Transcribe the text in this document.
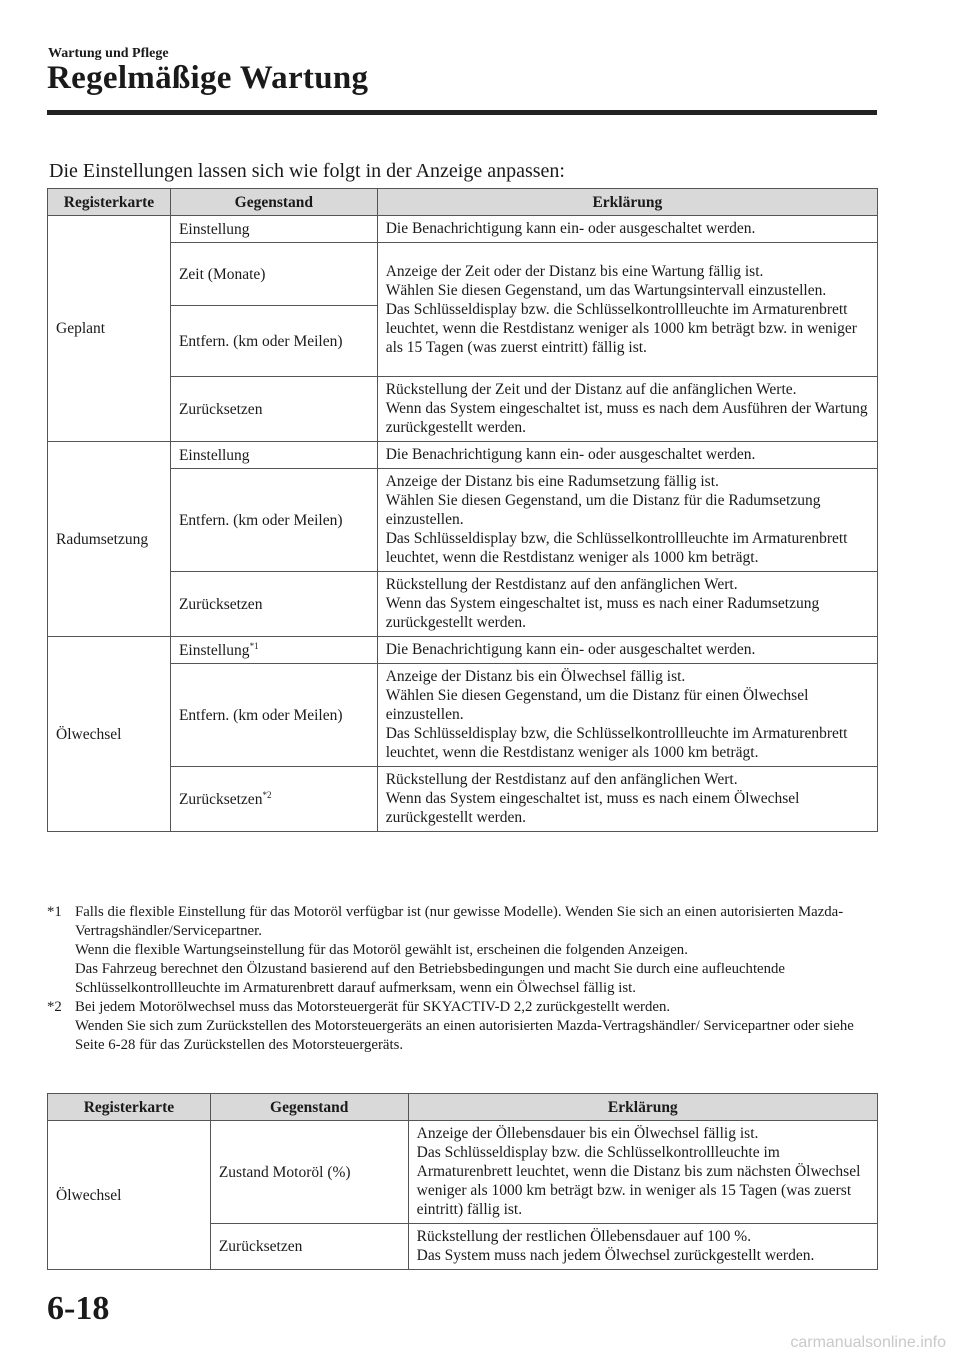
Wartung und Pflege
Regelmäßige Wartung
Die Einstellungen lassen sich wie folgt in der Anzeige anpassen:
Registerkarte	Gegenstand	Erklärung
Geplant	Einstellung	Die Benachrichtigung kann ein- oder ausgeschaltet werden.
	Zeit (Monate)	Anzeige der Zeit oder der Distanz bis eine Wartung fällig ist.
Wählen Sie diesen Gegenstand, um das Wartungsintervall einzustellen.
Das Schlüsseldisplay bzw. die Schlüsselkontrollleuchte im Armaturenbrett leuchtet, wenn die Restdistanz weniger als 1000 km beträgt bzw. in weniger als 15 Tagen (was zuerst eintritt) fällig ist.
	Entfern. (km oder Meilen)	
	Zurücksetzen	Rückstellung der Zeit und der Distanz auf die anfänglichen Werte.
Wenn das System eingeschaltet ist, muss es nach dem Ausführen der Wartung zurückgestellt werden.
Radumsetzung	Einstellung	Die Benachrichtigung kann ein- oder ausgeschaltet werden.
	Entfern. (km oder Meilen)	Anzeige der Distanz bis eine Radumsetzung fällig ist.
Wählen Sie diesen Gegenstand, um die Distanz für die Radumsetzung einzustellen.
Das Schlüsseldisplay bzw, die Schlüsselkontrollleuchte im Armaturenbrett leuchtet, wenn die Restdistanz weniger als 1000 km beträgt.
	Zurücksetzen	Rückstellung der Restdistanz auf den anfänglichen Wert.
Wenn das System eingeschaltet ist, muss es nach einer Radumsetzung zurückgestellt werden.
Ölwechsel	Einstellung$^{*1}$	Die Benachrichtigung kann ein- oder ausgeschaltet werden.
	Entfern. (km oder Meilen)	Anzeige der Distanz bis ein Ölwechsel fällig ist.
Wählen Sie diesen Gegenstand, um die Distanz für einen Ölwechsel einzustellen.
Das Schlüsseldisplay bzw, die Schlüsselkontrollleuchte im Armaturenbrett leuchtet, wenn die Restdistanz weniger als 1000 km beträgt.
	Zurücksetzen$^{*2}$	Rückstellung der Restdistanz auf den anfänglichen Wert.
Wenn das System eingeschaltet ist, muss es nach einem Ölwechsel zurückgestellt werden.
*1 Falls die flexible Einstellung für das Motoröl verfügbar ist (nur gewisse Modelle). Wenden Sie sich an einen autorisierten Mazda-Vertragshändler/Servicepartner.
Wenn die flexible Wartungseinstellung für das Motoröl gewählt ist, erscheinen die folgenden Anzeigen.
Das Fahrzeug berechnet den Ölzustand basierend auf den Betriebsbedingungen und macht Sie durch eine aufleuchtende Schlüsselkontrollleuchte im Armaturenbrett darauf aufmerksam, wenn ein Ölwechsel fällig ist.
*2 Bei jedem Motorölwechsel muss das Motorsteuergerät für SKYACTIV-D 2,2 zurückgestellt werden.
Wenden Sie sich zum Zurückstellen des Motorsteuergeräts an einen autorisierten Mazda-Vertragshändler/ Servicepartner oder siehe Seite 6-28 für das Zurückstellen des Motorsteuergeräts.
Registerkarte	Gegenstand	Erklärung
Ölwechsel	Zustand Motoröl (%)	Anzeige der Öllebensdauer bis ein Ölwechsel fällig ist.
Das Schlüsseldisplay bzw. die Schlüsselkontrollleuchte im Armaturenbrett leuchtet, wenn die Distanz bis zum nächsten Ölwechsel weniger als 1000 km beträgt bzw. in weniger als 15 Tagen (was zuerst eintritt) fällig ist.
	Zurücksetzen	Rückstellung der restlichen Öllebensdauer auf 100 %.
Das System muss nach jedem Ölwechsel zurückgestellt werden.
6-18
carmanualsonline.info
